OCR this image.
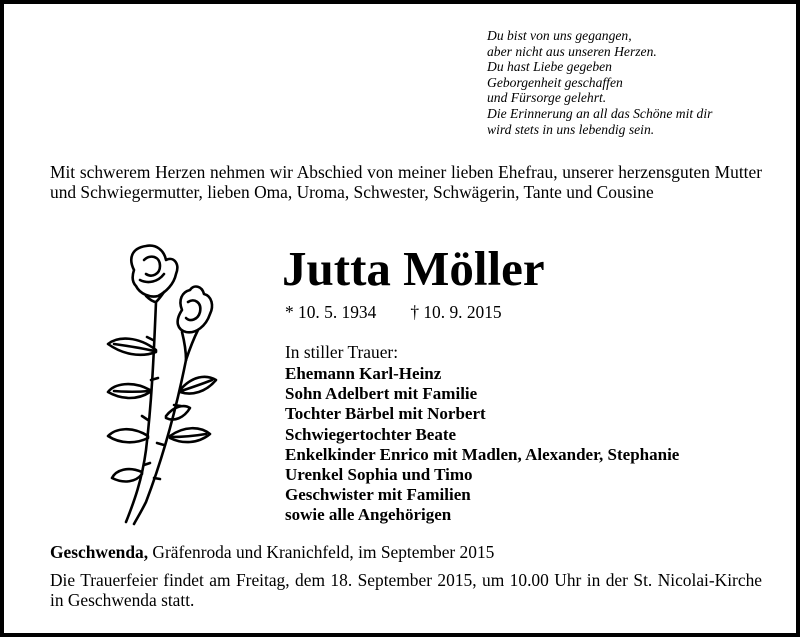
Du bist von uns gegangen,
aber nicht aus unseren Herzen.
Du hast Liebe gegeben
Geborgenheit geschaffen
und Fürsorge gelehrt.
Die Erinnerung an all das Schöne mit dir
wird stets in uns lebendig sein.
Mit schwerem Herzen nehmen wir Abschied von meiner lieben Ehefrau, unserer herzensguten Mutter und Schwiegermutter, lieben Oma, Uroma, Schwester, Schwägerin, Tante und Cousine
Jutta Möller
* 10. 5. 1934 † 10. 9. 2015
In stiller Trauer:
Ehemann Karl-Heinz
Sohn Adelbert mit Familie
Tochter Bärbel mit Norbert
Schwiegertochter Beate
Enkelkinder Enrico mit Madlen, Alexander, Stephanie
Urenkel Sophia und Timo
Geschwister mit Familien
sowie alle Angehörigen
Geschwenda, Gräfenroda und Kranichfeld, im September 2015
Die Trauerfeier findet am Freitag, dem 18. September 2015, um 10.00 Uhr in der St. Nicolai-Kirche in Geschwenda statt.
